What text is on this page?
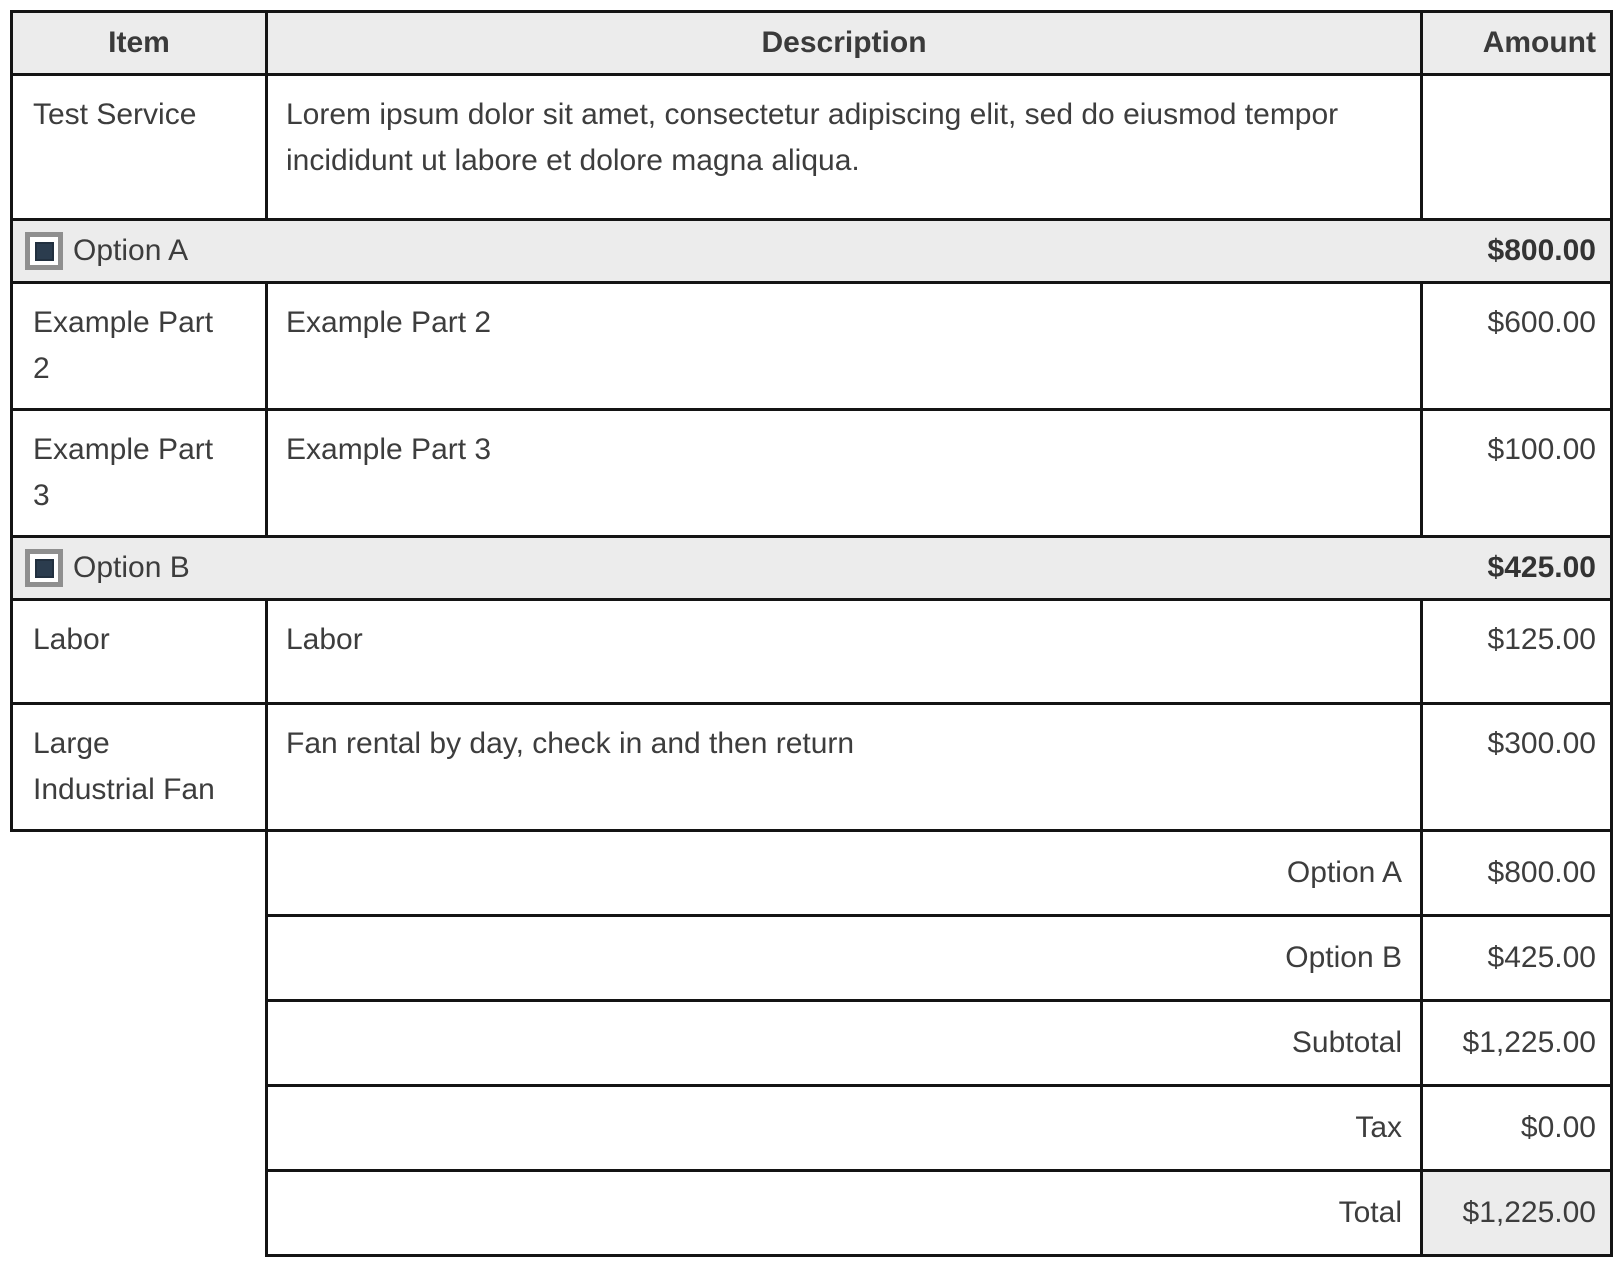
Item	Description	Amount
Test Service	Lorem ipsum dolor sit amet, consectetur adipiscing elit, sed do eiusmod tempor incididunt ut labore et dolore magna aliqua.	

Option A $800.00		

Example Part 2	Example Part 2	$600.00
Example Part 3	Example Part 3	$100.00

Option B $425.00		

Labor	Labor	$125.00
Large Industrial Fan	Fan rental by day, check in and then return	$300.00
	Option A	$800.00
	Option B	$425.00
	Subtotal	$1,225.00
	Tax	$0.00
	Total	$1,225.00
